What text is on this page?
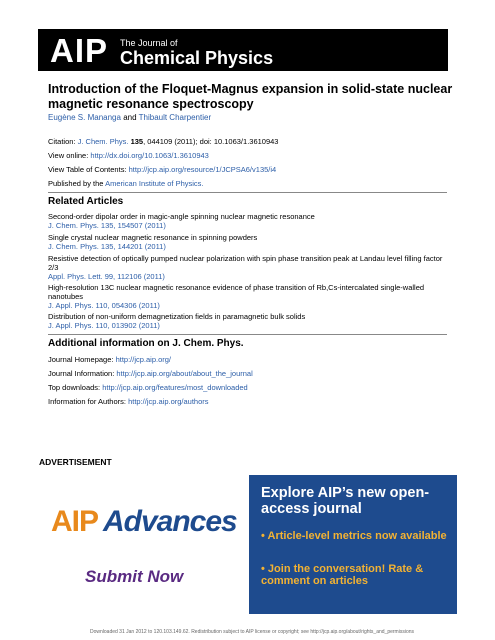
AIP The Journal of
Chemical Physics
Introduction of the Floquet-Magnus expansion in solid-state nuclear magnetic resonance spectroscopy
Eugène S. Mananga and Thibault Charpentier
Citation: J. Chem. Phys. 135, 044109 (2011); doi: 10.1063/1.3610943
View online: http://dx.doi.org/10.1063/1.3610943
View Table of Contents: http://jcp.aip.org/resource/1/JCPSA6/v135/i4
Published by the American Institute of Physics.
Related Articles
Second-order dipolar order in magic-angle spinning nuclear magnetic resonance
J. Chem. Phys. 135, 154507 (2011)
Single crystal nuclear magnetic resonance in spinning powders
J. Chem. Phys. 135, 144201 (2011)
Resistive detection of optically pumped nuclear polarization with spin phase transition peak at Landau level filling factor 2/3
Appl. Phys. Lett. 99, 112106 (2011)
High-resolution 13C nuclear magnetic resonance evidence of phase transition of Rb,Cs-intercalated single-walled nanotubes
J. Appl. Phys. 110, 054306 (2011)
Distribution of non-uniform demagnetization fields in paramagnetic bulk solids
J. Appl. Phys. 110, 013902 (2011)
Additional information on J. Chem. Phys.
Journal Homepage: http://jcp.aip.org/
Journal Information: http://jcp.aip.org/about/about_the_journal
Top downloads: http://jcp.aip.org/features/most_downloaded
Information for Authors: http://jcp.aip.org/authors
ADVERTISEMENT
AIP Advances
Submit Now
Explore AIP’s new open-access journal
• Article-level metrics now available
• Join the conversation! Rate & comment on articles
Downloaded 31 Jan 2012 to 120.103.149.62. Redistribution subject to AIP license or copyright; see http://jcp.aip.org/about/rights_and_permissions
